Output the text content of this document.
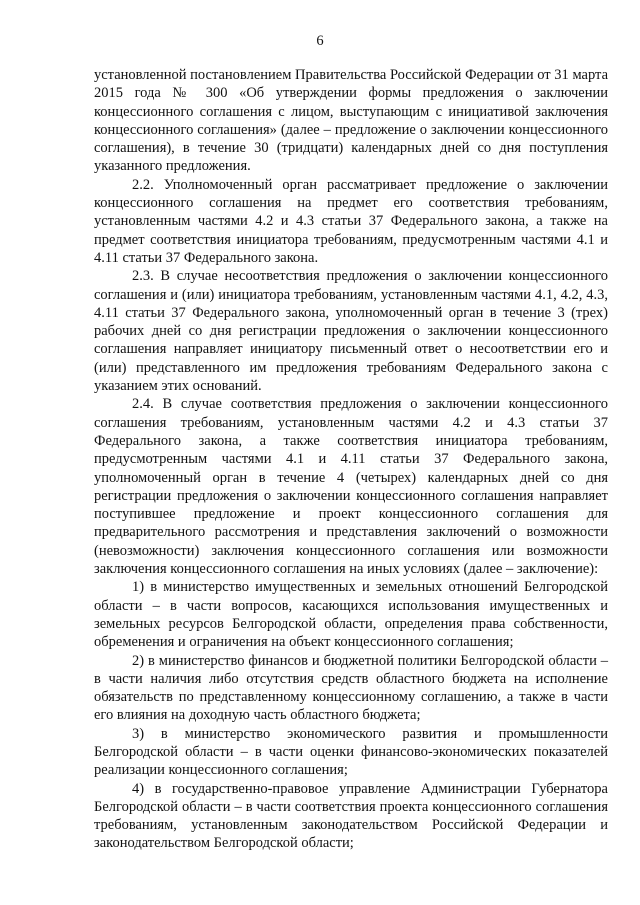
6

установленной постановлением Правительства Российской Федерации от 31 марта 2015 года № 300 «Об утверждении формы предложения о заключении концессионного соглашения с лицом, выступающим с инициативой заключения концессионного соглашения» (далее – предложение о заключении концессионного соглашения), в течение 30 (тридцати) календарных дней со дня поступления указанного предложения.

2.2. Уполномоченный орган рассматривает предложение о заключении концессионного соглашения на предмет его соответствия требованиям, установленным частями 4.2 и 4.3 статьи 37 Федерального закона, а также на предмет соответствия инициатора требованиям, предусмотренным частями 4.1 и 4.11 статьи 37 Федерального закона.

2.3. В случае несоответствия предложения о заключении концессионного соглашения и (или) инициатора требованиям, установленным частями 4.1, 4.2, 4.3, 4.11 статьи 37 Федерального закона, уполномоченный орган в течение 3 (трех) рабочих дней со дня регистрации предложения о заключении концессионного соглашения направляет инициатору письменный ответ о несоответствии его и (или) представленного им предложения требованиям Федерального закона с указанием этих оснований.

2.4. В случае соответствия предложения о заключении концессионного соглашения требованиям, установленным частями 4.2 и 4.3 статьи 37 Федерального закона, а также соответствия инициатора требованиям, предусмотренным частями 4.1 и 4.11 статьи 37 Федерального закона, уполномоченный орган в течение 4 (четырех) календарных дней со дня регистрации предложения о заключении концессионного соглашения направляет поступившее предложение и проект концессионного соглашения для предварительного рассмотрения и представления заключений о возможности (невозможности) заключения концессионного соглашения или возможности заключения концессионного соглашения на иных условиях (далее – заключение):

1) в министерство имущественных и земельных отношений Белгородской области – в части вопросов, касающихся использования имущественных и земельных ресурсов Белгородской области, определения права собственности, обременения и ограничения на объект концессионного соглашения;

2) в министерство финансов и бюджетной политики Белгородской области – в части наличия либо отсутствия средств областного бюджета на исполнение обязательств по представленному концессионному соглашению, а также в части его влияния на доходную часть областного бюджета;

3) в министерство экономического развития и промышленности Белгородской области – в части оценки финансово-экономических показателей реализации концессионного соглашения;

4) в государственно-правовое управление Администрации Губернатора Белгородской области – в части соответствия проекта концессионного соглашения требованиям, установленным законодательством Российской Федерации и законодательством Белгородской области;
